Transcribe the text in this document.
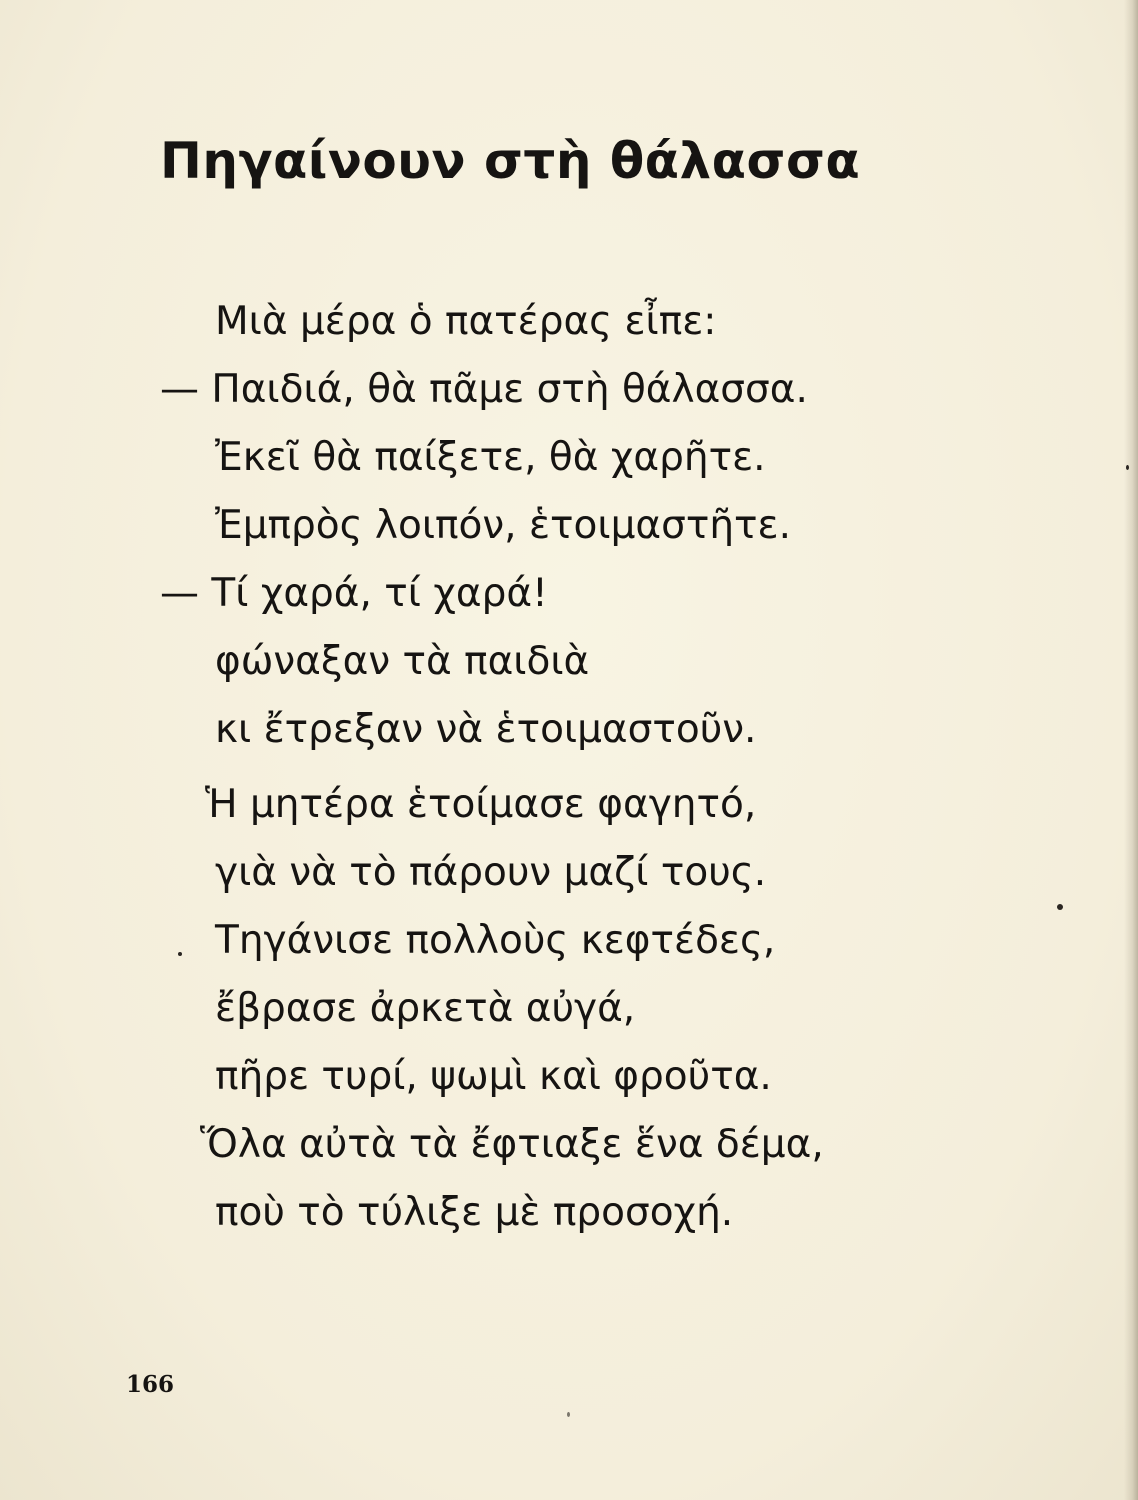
Πηγαίνουν στὴ θάλασσα
Μιὰ μέρα ὁ πατέρας εἶπε:
— Παιδιά, θὰ πᾶμε στὴ θάλασσα.
Ἐκεῖ θὰ παίξετε, θὰ χαρῆτε.
Ἐμπρὸς λοιπόν, ἑτοιμαστῆτε.
— Τί χαρά, τί χαρά!
φώναξαν τὰ παιδιὰ
κι ἔτρεξαν νὰ ἑτοιμαστοῦν.
Ἡ μητέρα ἑτοίμασε φαγητό,
γιὰ νὰ τὸ πάρουν μαζί τους.
Τηγάνισε πολλοὺς κεφτέδες,
ἔβρασε ἀρκετὰ αὐγά,
πῆρε τυρί, ψωμὶ καὶ φροῦτα.
Ὅλα αὐτὰ τὰ ἔφτιαξε ἕνα δέμα,
ποὺ τὸ τύλιξε μὲ προσοχή.
166
